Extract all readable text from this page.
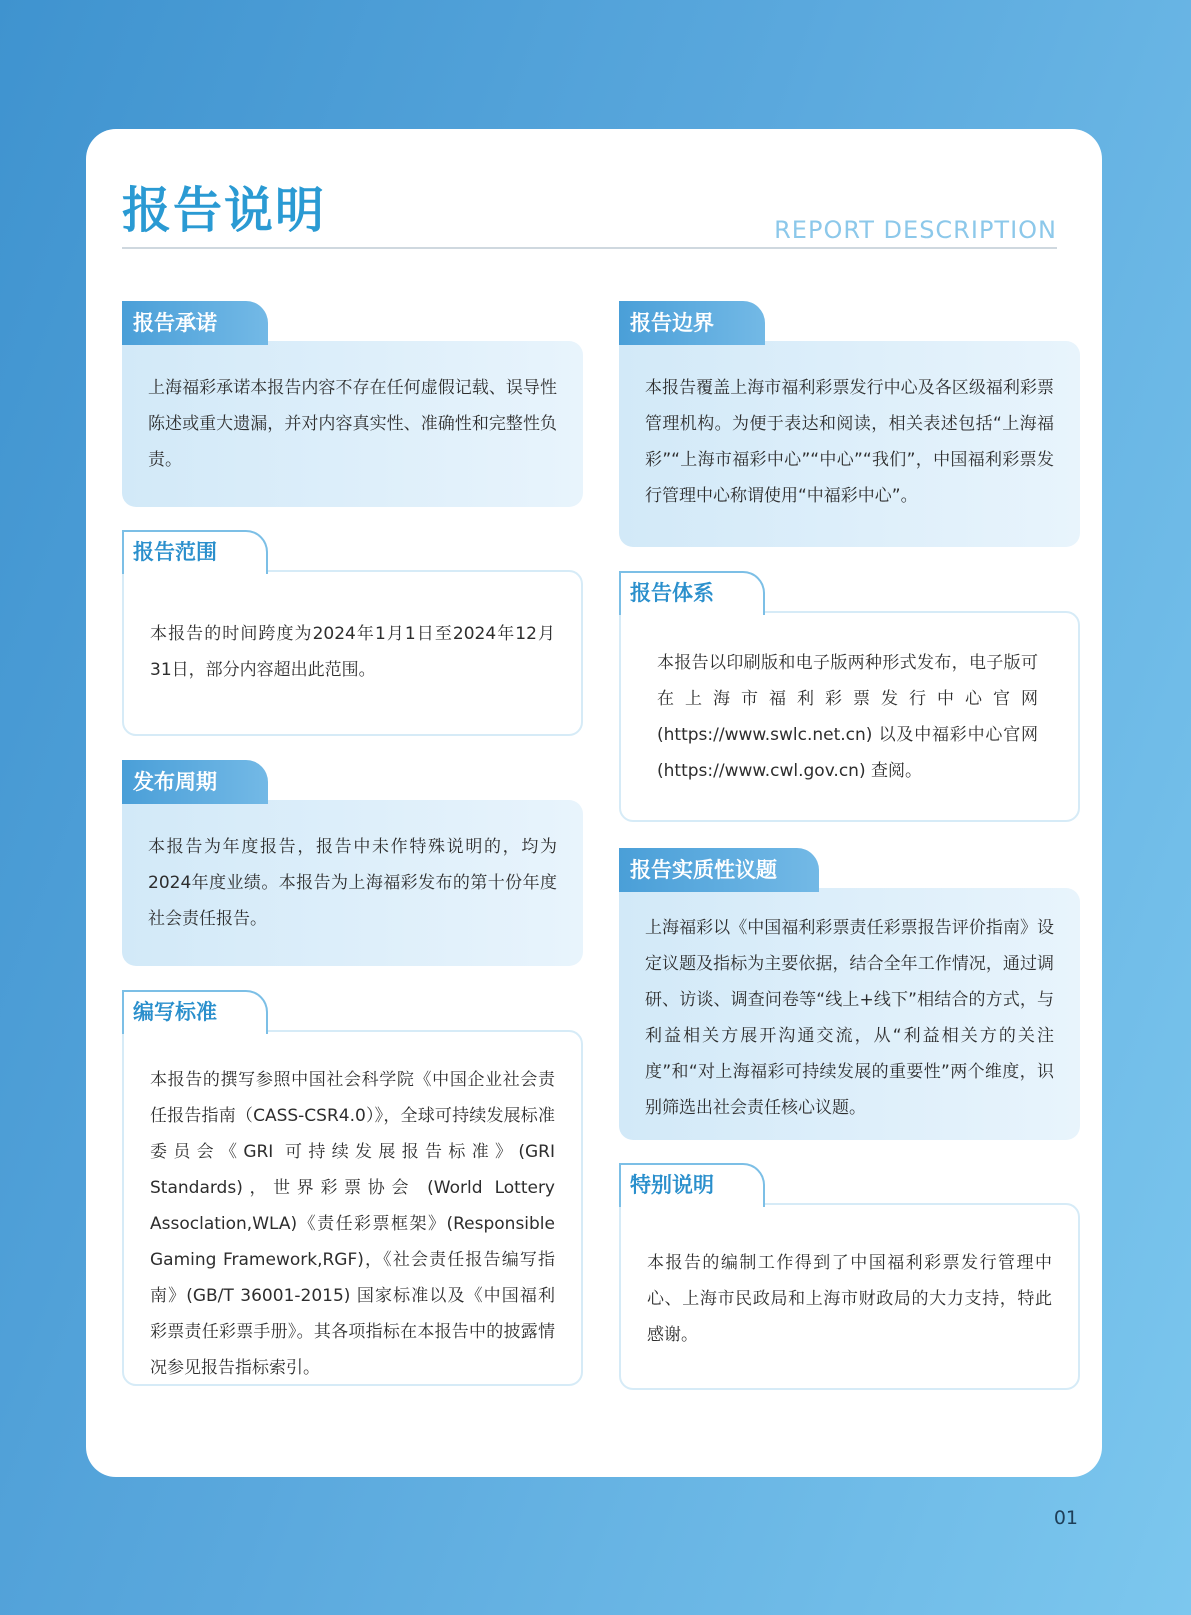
报告说明	REPORT DESCRIPTION
报告承诺

上海福彩承诺本报告内容不存在任何虚假记载、误导性陈述或重大遗漏，并对内容真实性、准确性和完整性负责。

报告范围

本报告的时间跨度为2024年1月1日至2024年12月31日，部分内容超出此范围。

发布周期

本报告为年度报告，报告中未作特殊说明的，均为2024年度业绩。本报告为上海福彩发布的第十份年度社会责任报告。

编写标准

本报告的撰写参照中国社会科学院《中国企业社会责任报告指南（CASS-CSR4.0）》，全球可持续发展标准委员会《GRI 可持续发展报告标准》(GRI Standards)，世界彩票协会 (World Lottery Assoclation,WLA)《责任彩票框架》(Responsible Gaming Framework,RGF)，《社会责任报告编写指南》(GB/T 36001-2015) 国家标准以及《中国福利彩票责任彩票手册》。其各项指标在本报告中的披露情况参见报告指标索引。

报告边界

本报告覆盖上海市福利彩票发行中心及各区级福利彩票管理机构。为便于表达和阅读，相关表述包括“上海福彩”“上海市福彩中心”“中心”“我们”，中国福利彩票发行管理中心称谓使用“中福彩中心”。

报告体系

本报告以印刷版和电子版两种形式发布，电子版可在上海市福利彩票发行中心官网 (https://www.swlc.net.cn) 以及中福彩中心官网 (https://www.cwl.gov.cn) 查阅。

报告实质性议题

上海福彩以《中国福利彩票责任彩票报告评价指南》设定议题及指标为主要依据，结合全年工作情况，通过调研、访谈、调查问卷等“线上+线下”相结合的方式，与利益相关方展开沟通交流，从“利益相关方的关注度”和“对上海福彩可持续发展的重要性”两个维度，识别筛选出社会责任核心议题。

特别说明

本报告的编制工作得到了中国福利彩票发行管理中心、上海市民政局和上海市财政局的大力支持，特此感谢。

01
